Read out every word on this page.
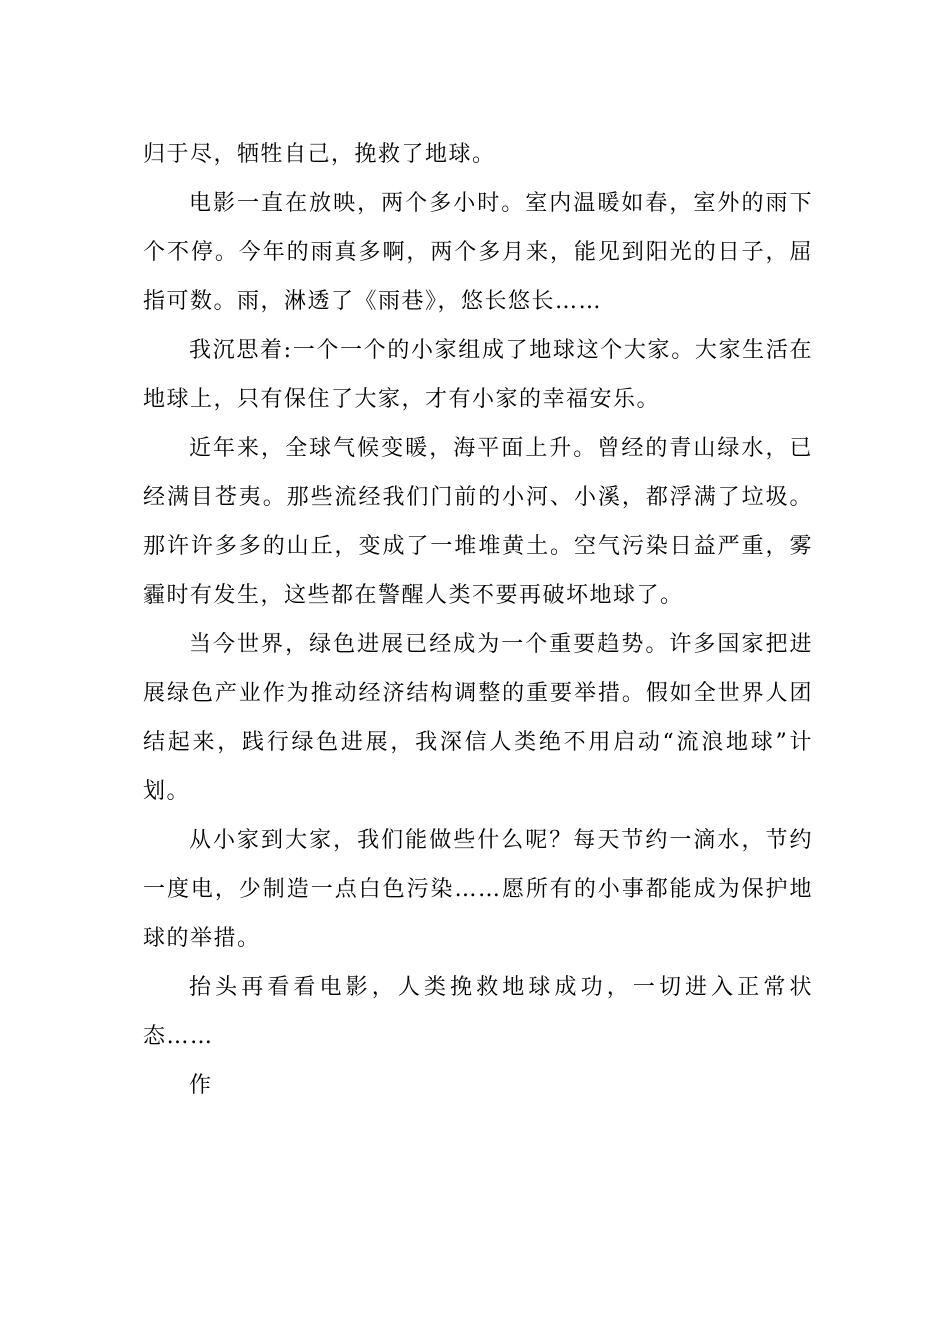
归于尽，牺牲自己，挽救了地球。

电影一直在放映，两个多小时。室内温暖如春，室外的雨下个不停。今年的雨真多啊，两个多月来，能见到阳光的日子，屈指可数。雨，淋透了《雨巷》，悠长悠长……

我沉思着:一个一个的小家组成了地球这个大家。大家生活在地球上，只有保住了大家，才有小家的幸福安乐。

近年来，全球气候变暖，海平面上升。曾经的青山绿水，已经满目苍夷。那些流经我们门前的小河、小溪，都浮满了垃圾。那许许多多的山丘，变成了一堆堆黄土。空气污染日益严重，雾霾时有发生，这些都在警醒人类不要再破坏地球了。

当今世界，绿色进展已经成为一个重要趋势。许多国家把进展绿色产业作为推动经济结构调整的重要举措。假如全世界人团结起来，践行绿色进展，我深信人类绝不用启动“流浪地球”计划。

从小家到大家，我们能做些什么呢？每天节约一滴水，节约一度电，少制造一点白色污染……愿所有的小事都能成为保护地球的举措。

抬头再看看电影，人类挽救地球成功，一切进入正常状态……

作
